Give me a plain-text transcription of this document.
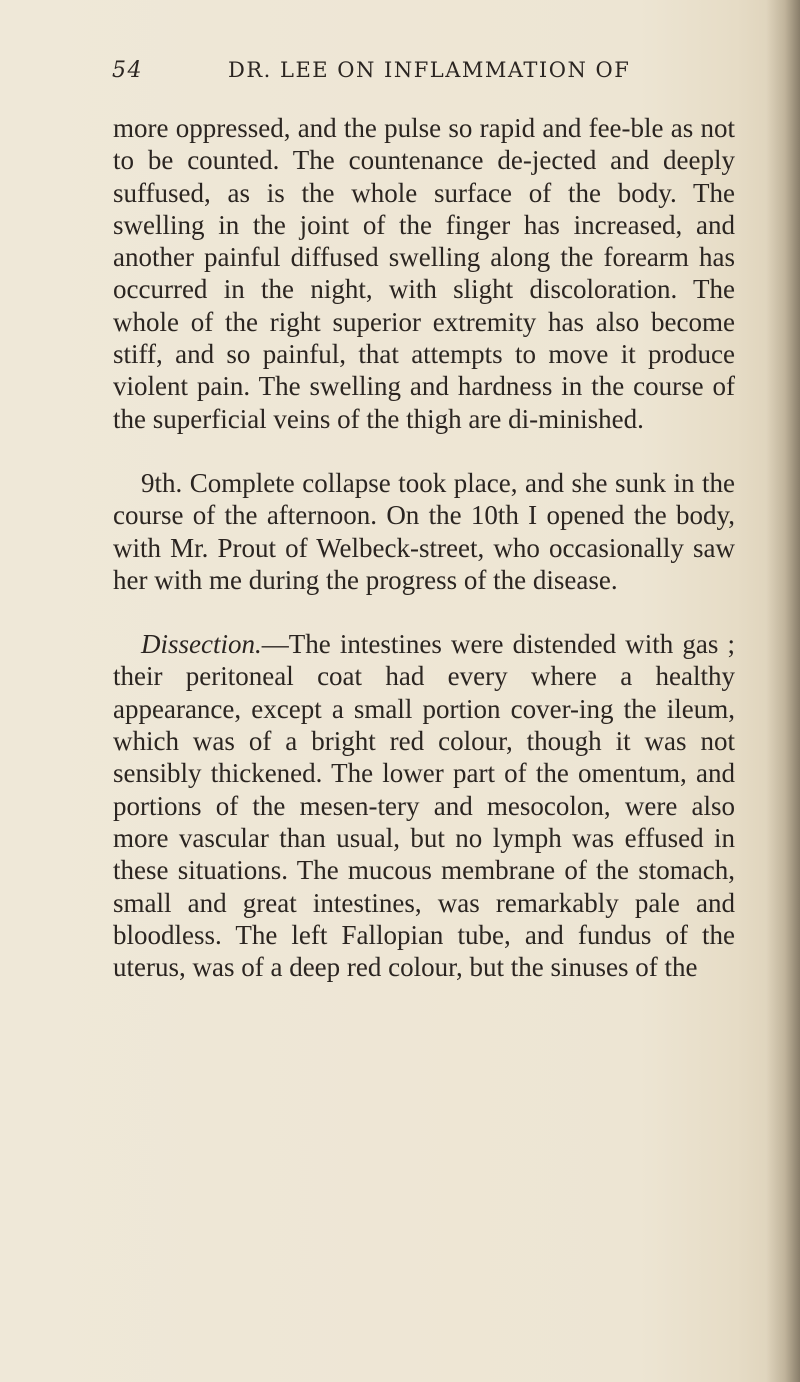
54	DR. LEE ON INFLAMMATION OF

more oppressed, and the pulse so rapid and fee-ble as not to be counted. The countenance de-jected and deeply suffused, as is the whole surface of the body. The swelling in the joint of the finger has increased, and another painful diffused swelling along the forearm has occurred in the night, with slight discoloration. The whole of the right superior extremity has also become stiff, and so painful, that attempts to move it produce violent pain. The swelling and hardness in the course of the superficial veins of the thigh are di-minished.

9th. Complete collapse took place, and she sunk in the course of the afternoon. On the 10th I opened the body, with Mr. Prout of Welbeck-street, who occasionally saw her with me during the progress of the disease.

Dissection.—The intestines were distended with gas ; their peritoneal coat had every where a healthy appearance, except a small portion cover-ing the ileum, which was of a bright red colour, though it was not sensibly thickened. The lower part of the omentum, and portions of the mesen-tery and mesocolon, were also more vascular than usual, but no lymph was effused in these situations. The mucous membrane of the stomach, small and great intestines, was remarkably pale and bloodless. The left Fallopian tube, and fundus of the uterus, was of a deep red colour, but the sinuses of the
